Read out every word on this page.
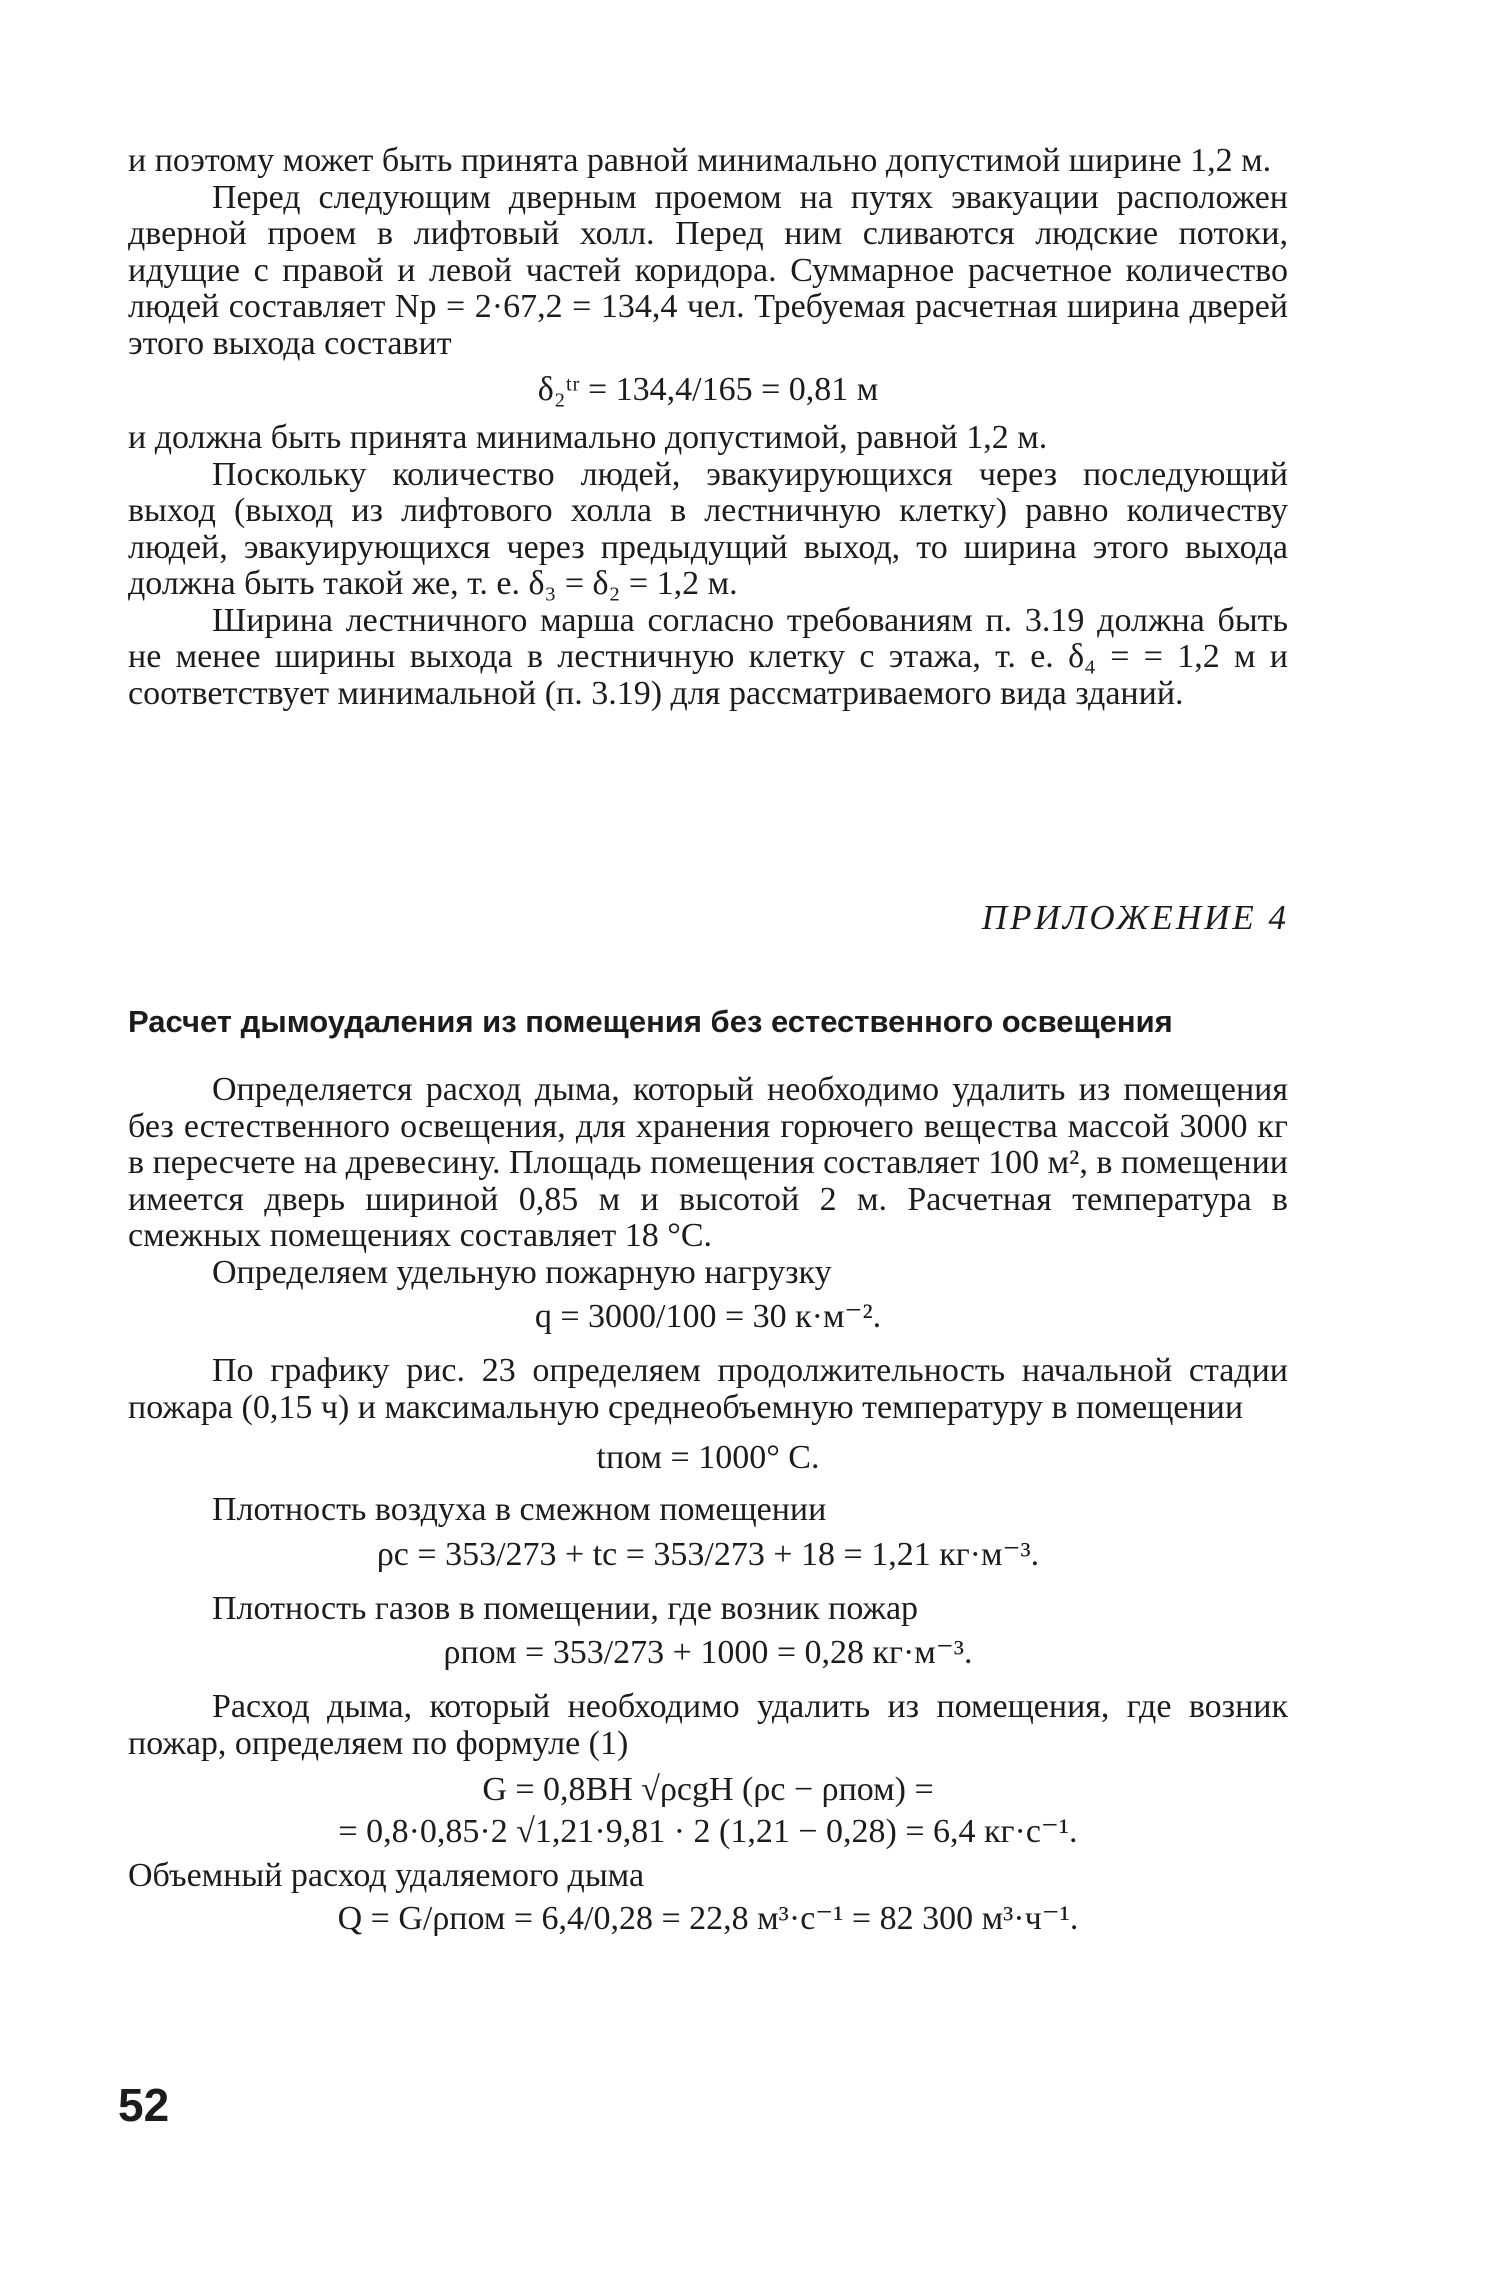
и поэтому может быть принята равной минимально допустимой ширине 1,2 м.

Перед следующим дверным проемом на путях эвакуации расположен дверной проем в лифтовый холл. Перед ним сливаются людские потоки, идущие с правой и левой частей коридора. Суммарное расчетное количество людей составляет Nр = 2·67,2 = 134,4 чел. Требуемая расчетная ширина дверей этого выхода составит

δ₂ᵗʳ = 134,4/165 = 0,81 м

и должна быть принята минимально допустимой, равной 1,2 м.

Поскольку количество людей, эвакуирующихся через последующий выход (выход из лифтового холла в лестничную клетку) равно количеству людей, эвакуирующихся через предыдущий выход, то ширина этого выхода должна быть такой же, т. е. δ₃ = δ₂ = 1,2 м.

Ширина лестничного марша согласно требованиям п. 3.19 должна быть не менее ширины выхода в лестничную клетку с этажа, т. е. δ₄ = = 1,2 м и соответствует минимальной (п. 3.19) для рассматриваемого вида зданий.

ПРИЛОЖЕНИЕ 4
Расчет дымоудаления из помещения без естественного освещения

Определяется расход дыма, который необходимо удалить из помещения без естественного освещения, для хранения горючего вещества массой 3000 кг в пересчете на древесину. Площадь помещения составляет 100 м², в помещении имеется дверь шириной 0,85 м и высотой 2 м. Расчетная температура в смежных помещениях составляет 18 °С.

Определяем удельную пожарную нагрузку

q = 3000/100 = 30 к·м⁻².

По графику рис. 23 определяем продолжительность начальной стадии пожара (0,15 ч) и максимальную среднеобъемную температуру в помещении

tпом = 1000° С.

Плотность воздуха в смежном помещении

ρс = 353/273 + tс = 353/273 + 18 = 1,21 кг·м⁻³.

Плотность газов в помещении, где возник пожар

ρпом = 353/273 + 1000 = 0,28 кг·м⁻³.

Расход дыма, который необходимо удалить из помещения, где возник пожар, определяем по формуле (1)

G = 0,8BH √ρсgH (ρс − ρпом) =

= 0,8·0,85·2 √1,21·9,81 · 2 (1,21 − 0,28) = 6,4 кг·с⁻¹.

Объемный расход удаляемого дыма

Q = G/ρпом = 6,4/0,28 = 22,8 м³·с⁻¹ = 82 300 м³·ч⁻¹.

52
